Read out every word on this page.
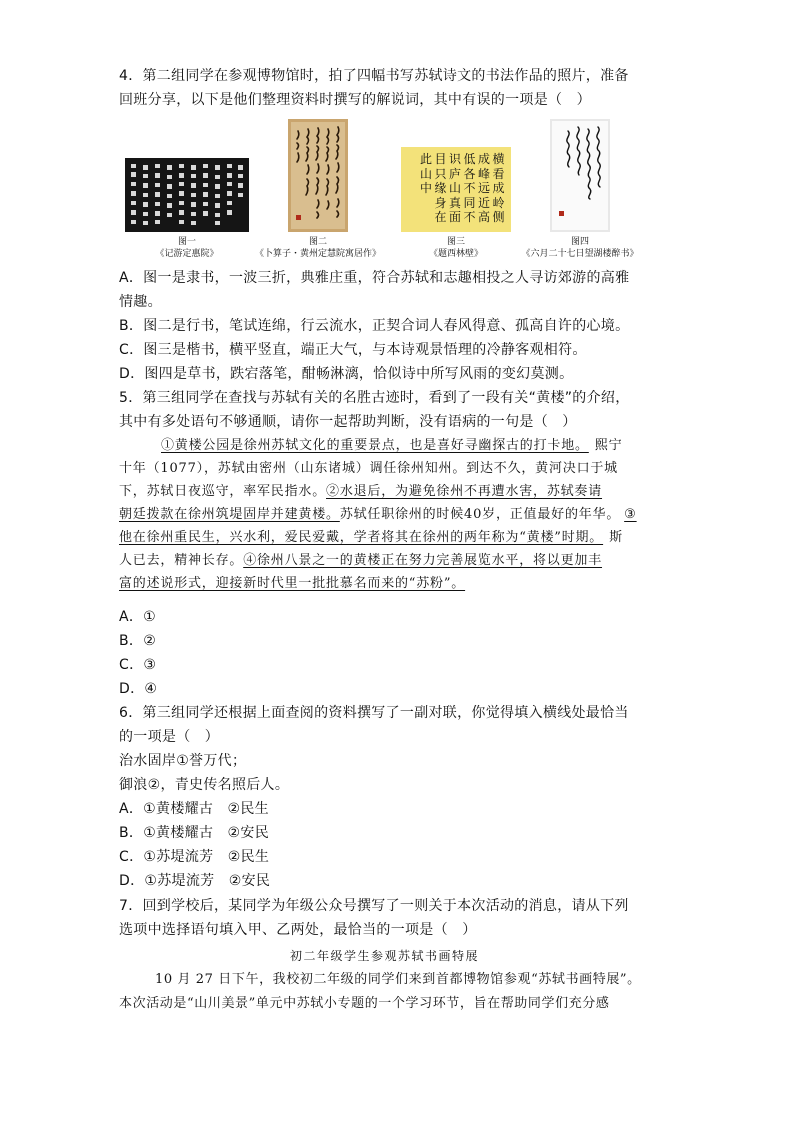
4．第二组同学在参观博物馆时，拍了四幅书写苏轼诗文的书法作品的照片，准备
回班分享，以下是他们整理资料时撰写的解说词，其中有误的一项是（　）
横
看
成
岭
侧
成
峰
远
近
高
低
各
不
同
不
识
庐
山
真
面
目
只
缘
身
在
此
山
中
图一
《记游定惠院》
图二
《卜算子・黄州定慧院寓居作》
图三
《题西林壁》
图四
《六月二十七日望湖楼醉书》
A．图一是隶书，一波三折，典雅庄重，符合苏轼和志趣相投之人寻访郊游的高雅
情趣。
B．图二是行书，笔试连绵，行云流水，正契合词人春风得意、孤高自许的心境。
C．图三是楷书，横平竖直，端正大气，与本诗观景悟理的冷静客观相符。
D．图四是草书，跌宕落笔，酣畅淋漓，恰似诗中所写风雨的变幻莫测。
5．第三组同学在查找与苏轼有关的名胜古迹时，看到了一段有关“黄楼”的介绍，
其中有多处语句不够通顺，请你一起帮助判断，没有语病的一句是（　）
①黄楼公园是徐州苏轼文化的重要景点，也是喜好寻幽探古的打卡地。 熙宁
十年（1077），苏轼由密州（山东诸城）调任徐州知州。到达不久，黄河决口于城
下，苏轼日夜巡守，率军民指水。②水退后，为避免徐州不再遭水害，苏轼奏请
朝廷拨款在徐州筑堤固岸并建黄楼。苏轼任职徐州的时候40岁，正值最好的年华。 ③
他在徐州重民生，兴水利，爱民爱戴，学者将其在徐州的两年称为“黄楼”时期。 斯
人已去，精神长存。④徐州八景之一的黄楼正在努力完善展览水平，将以更加丰
富的述说形式，迎接新时代里一批批慕名而来的“苏粉”。
A．①
B．②
C．③
D．④
6．第三组同学还根据上面查阅的资料撰写了一副对联，你觉得填入横线处最恰当
的一项是（　）
治水固岸①誉万代；
御浪②，青史传名照后人。
A．①黄楼耀古　②民生
B．①黄楼耀古　②安民
C．①苏堤流芳　②民生
D．①苏堤流芳　②安民
7．回到学校后，某同学为年级公众号撰写了一则关于本次活动的消息，请从下列
选项中选择语句填入甲、乙两处，最恰当的一项是（　）
初二年级学生参观苏轼书画特展
10 月 27 日下午，我校初二年级的同学们来到首都博物馆参观“苏轼书画特展”。
本次活动是“山川美景”单元中苏轼小专题的一个学习环节，旨在帮助同学们充分感
